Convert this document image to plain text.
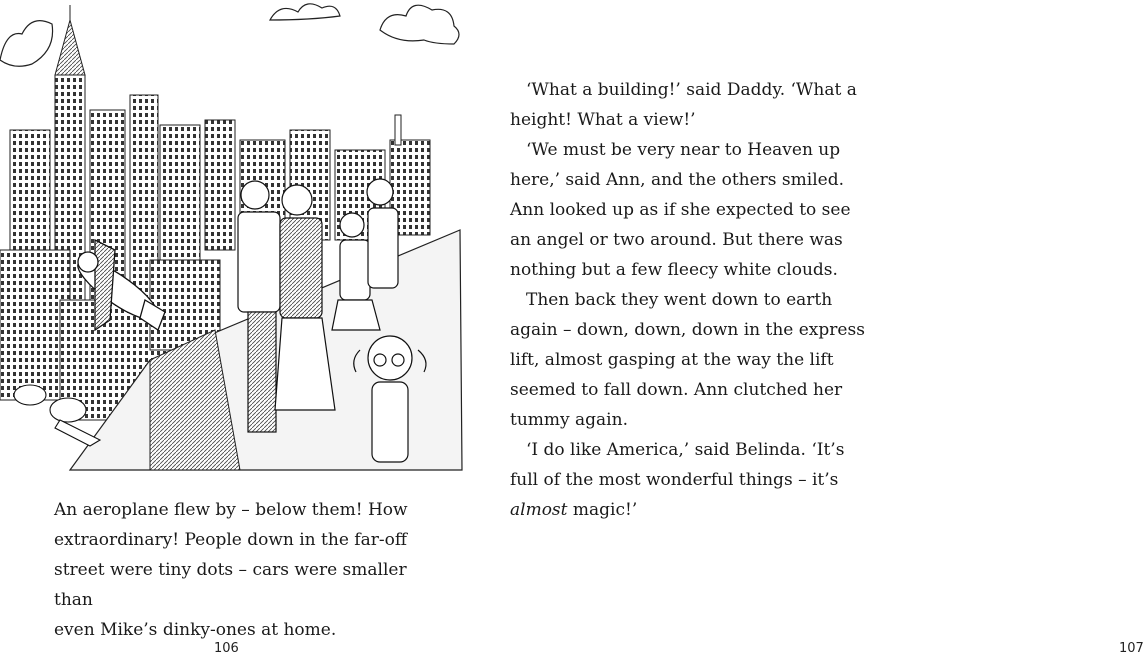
An aeroplane flew by – below them! How

extraordinary! People down in the far-off

street were tiny dots – cars were smaller than

even Mike’s dinky-ones at home.

106

‘What a building!’ said Daddy. ‘What a height! What a view!’

‘We must be very near to Heaven up here,’ said Ann, and the others smiled. Ann looked up as if she expected to see an angel or two around. But there was nothing but a few fleecy white clouds.

Then back they went down to earth again – down, down, down in the express lift, almost gasping at the way the lift seemed to fall down. Ann clutched her tummy again.

‘I do like America,’ said Belinda. ‘It’s full of the most wonderful things – it’s almost magic!’

107
